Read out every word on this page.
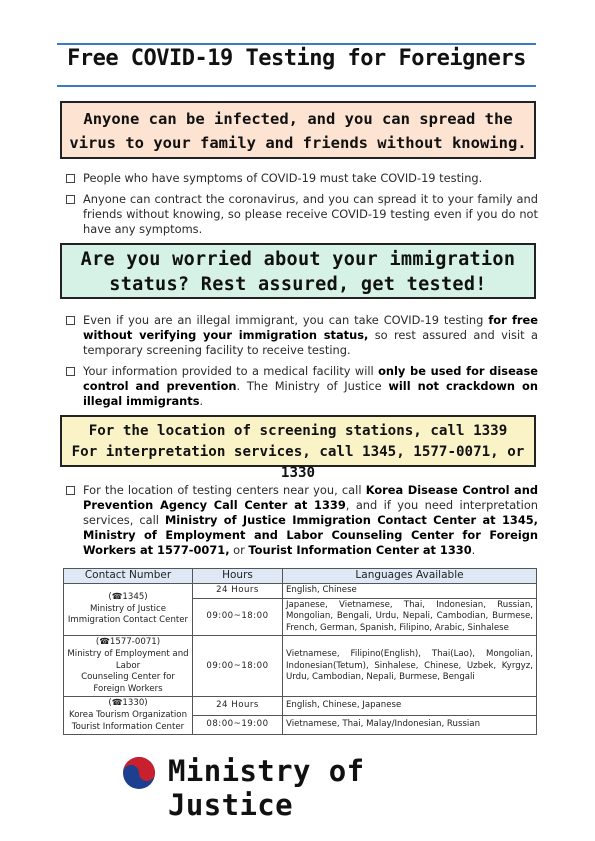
Free COVID-19 Testing for Foreigners
Anyone can be infected, and you can spread the
virus to your family and friends without knowing.
People who have symptoms of COVID-19 must take COVID-19 testing.
Anyone can contract the coronavirus, and you can spread it to your family and friends without knowing, so please receive COVID-19 testing even if you do not have any symptoms.
Are you worried about your immigration
status? Rest assured, get tested!
Even if you are an illegal immigrant, you can take COVID-19 testing for free without verifying your immigration status, so rest assured and visit a temporary screening facility to receive testing.
Your information provided to a medical facility will only be used for disease control and prevention. The Ministry of Justice will not crackdown on illegal immigrants.
For the location of screening stations, call 1339
For interpretation services, call 1345, 1577-0071, or 1330
For the location of testing centers near you, call Korea Disease Control and Prevention Agency Call Center at 1339, and if you need interpretation services, call Ministry of Justice Immigration Contact Center at 1345, Ministry of Employment and Labor Counseling Center for Foreign Workers at 1577-0071, or Tourist Information Center at 1330.
Contact Number	Hours	Languages Available

(☎1345)
Ministry of Justice
Immigration Contact Center	24 Hours	English, Chinese
	09:00~18:00	Japanese, Vietnamese, Thai, Indonesian, Russian, Mongolian, Bengali, Urdu, Nepali, Cambodian, Burmese, French, German, Spanish, Filipino, Arabic, Sinhalese

(☎1577-0071)
Ministry of Employment and
Labor
Counseling Center for
Foreign Workers	09:00~18:00	Vietnamese, Filipino(English), Thai(Lao), Mongolian, Indonesian(Tetum), Sinhalese, Chinese, Uzbek, Kyrgyz, Urdu, Cambodian, Nepali, Burmese, Bengali

(☎1330)
Korea Tourism Organization
Tourist Information Center	24 Hours	English, Chinese, Japanese
	08:00~19:00	Vietnamese, Thai, Malay/Indonesian, Russian
Ministry of Justice
